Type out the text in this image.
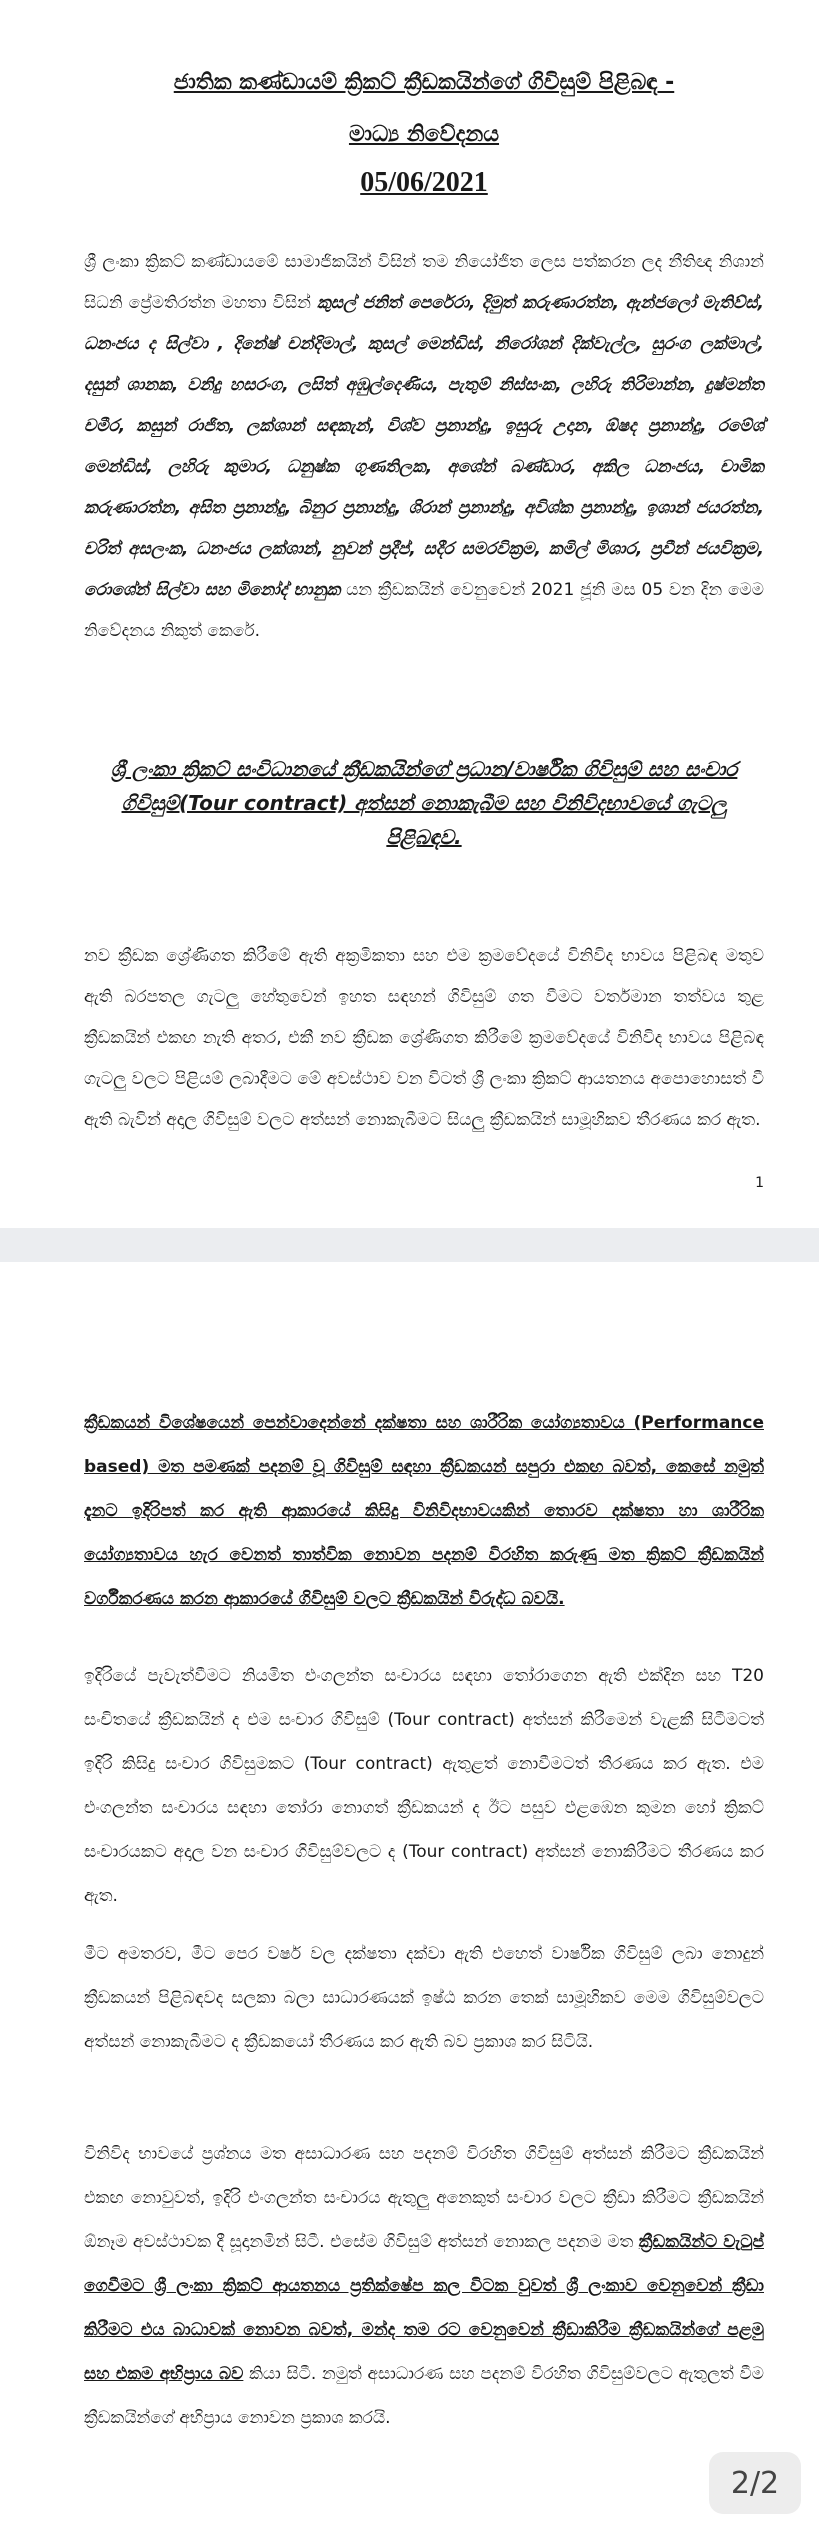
ජාතික කණ්ඩායම් ක්‍රිකට් ක්‍රීඩකයින්ගේ ගිවිසුම් පිළිබඳ -

මාධ්‍ය නිවේදනය

05/06/2021

ශ්‍රී ලංකා ක්‍රිකට් කණ්ඩායමේ සාමාජිකයින් විසින් තම නියෝජිත ලෙස පත්කරන ලද නීතිඥ නිශාන් සිධනි ප්‍රේමතිරත්න මහතා විසින් කුසල් ජනිත් පෙරේරා, දිමුත් කරුණාරත්න, ඇන්ජලෝ මැතිව්ස්, ධනංජය ද සිල්වා , දිනේෂ් චන්දිමාල්, කුසල් මෙන්ඩිස්, නිරෝශන් දික්වැල්ල, සුරංග ලක්මාල්, දසුන් ශානක, වනිදු හසරංග, ලසිත් අඹුල්දෙණිය, පැතුම් නිස්සංක, ලහිරු තිරිමාන්න, දුෂ්මන්ත චමීර, කසුන් රාජිත, ලක්ශාන් සඳකැන්, විශ්ව ප්‍රනාන්දු, ඉසුරු උදාන, ඕෂද ප්‍රනාන්දු, රමේශ් මෙන්ඩිස්, ලහිරු කුමාර, ධනුෂ්ක ගුණතිලක, අශේන් බණ්ඩාර, අකිල ධනංජය, චාමික කරුණාරත්න, අසිත ප්‍රනාන්දු, බිනුර ප්‍රනාන්දු, ශිරාන් ප්‍රනාන්දු, අවිශ්ක ප්‍රනාන්දු, ඉශාන් ජයරත්න, චරිත් අසලංක, ධනංජය ලක්ශාන්, නුවන් ප්‍රදීප්, සදීර සමරවික්‍රම, කමිල් මිශාර, ප්‍රවීන් ජයවික්‍රම, රොශේන් සිල්වා සහ මිනෝද් භානුක යන ක්‍රීඩකයින් වෙනුවෙන් 2021 ජූනි මස 05 වන දින මෙම නිවේදනය නිකුත් කෙරේ.

ශ්‍රී ලංකා ක්‍රිකට් සංවිධානයේ ක්‍රීඩකයින්ගේ ප්‍රධාන/වාර්ෂික ගිවිසුම් සහ සංචාර ගිවිසුම්(Tour contract) අත්සන් නොකැබීම සහ විනිවිදභාවයේ ගැටලු පිළිබඳව.

නව ක්‍රීඩක ශ්‍රේණිගත කිරීමේ ඇති අක්‍රමිකතා සහ එම ක්‍රමවේදයේ විනිවිද භාවය පිළිබඳ මතුව ඇති බරපතල ගැටලු හේතුවෙන් ඉහත සඳහන් ගිවිසුම් ගත වීමට වර්තමාන තත්වය තුළ ක්‍රීඩකයින් එකඟ නැති අතර, එකී නව ක්‍රීඩක ශ්‍රේණිගත කිරීමේ ක්‍රමවේදයේ විනිවිද භාවය පිළිබඳ ගැටලු වලට පිළියම් ලබාදීමට මේ අවස්ථාව වන විටත් ශ්‍රී ලංකා ක්‍රිකට් ආයතනය අපොහොසත් වී ඇති බැවින් අදාල ගිවිසුම් වලට අත්සන් නොකැබීමට සියලු ක්‍රීඩකයින් සාමූහිකව තීරණය කර ඇත.

1

ක්‍රීඩකයන් විශේෂයෙන් පෙන්වාදෙන්නේ දක්ෂතා සහ ශාරීරික යෝග්‍යතාවය (Performance based) මත පමණක් පදනම් වූ ගිවිසුම් සඳහා ක්‍රීඩකයන් සපුරා එකඟ බවත්, කෙසේ නමුත් දැනට ඉදිරිපත් කර ඇති ආකාරයේ කිසිදු විනිවිදභාවයකින් තොරව දක්ෂතා හා ශාරීරික යෝග්‍යතාවය හැර වෙනත් තාත්වික නොවන පදනම් විරහිත කරුණු මත ක්‍රිකට් ක්‍රීඩකයින් වර්ගීකරණය කරන ආකාරයේ ගිවිසුම් වලට ක්‍රීඩකයින් විරුද්ධ බවයි.

ඉදිරියේ පැවැත්වීමට නියමිත එංගලන්ත සංචාරය සඳහා තෝරාගෙන ඇති එක්දින සහ T20 සංචිතයේ ක්‍රීඩකයින් ද එම සංචාර ගිවිසුම් (Tour contract) අත්සන් කිරීමෙන් වැළකී සිටීමටත් ඉදිරි කිසිදු සංචාර ගිවිසුමකට (Tour contract) ඇතුළත් නොවීමටත් තීරණය කර ඇත. එම එංගලන්ත සංචාරය සඳහා තෝරා නොගත් ක්‍රීඩකයන් ද ඊට පසුව එළඹෙන කුමන හෝ ක්‍රිකට් සංචාරයකට අදාල වන සංචාර ගිවිසුම්වලට ද (Tour contract) අත්සන් නොකිරීමට තීරණය කර ඇත.

මීට අමතරව, මීට පෙර වර්ෂ වල දක්ෂතා දක්වා ඇති එහෙත් වාර්ෂික ගිවිසුම් ලබා නොදුන් ක්‍රීඩකයන් පිළිබඳවද සලකා බලා සාධාරණයක් ඉෂ්ඨ කරන තෙක් සාමූහිකව මෙම ගිවිසුම්වලට අත්සන් නොකැබීමට ද ක්‍රීඩකයෝ තීරණය කර ඇති බව ප්‍රකාශ කර සිටියි.

විනිවිද භාවයේ ප්‍රශ්නය මත අසාධාරණ සහ පදනම් විරහිත ගිවිසුම් අත්සන් කිරීමට ක්‍රීඩකයින් එකඟ නොවුවත්, ඉදිරි එංගලන්ත සංචාරය ඇතුලු අනෙකුත් සංචාර වලට ක්‍රීඩා කිරීමට ක්‍රීඩකයින් ඕනෑම අවස්ථාවක දී සූදානමින් සිටී. එසේම ගිවිසුම් අත්සන් නොකල පදනම මත ක්‍රීඩකයින්ට වැටුප් ගෙවීමට ශ්‍රී ලංකා ක්‍රිකට් ආයතනය ප්‍රතික්ෂේප කල විටක වුවත් ශ්‍රී ලංකාව වෙනුවෙන් ක්‍රීඩා කිරීමට එය බාධාවක් නොවන බවත්, මන්ද තම රට වෙනුවෙන් ක්‍රීඩාකිරීම ක්‍රීඩකයින්ගේ පළමු සහ එකම අභිප්‍රාය බව කියා සිටී. නමුත් අසාධාරණ සහ පදනම් විරහිත ගිවිසුම්වලට ඇතුලත් වීම ක්‍රීඩකයින්ගේ අභිප්‍රාය නොවන ප්‍රකාශ කරයි.

2/2
